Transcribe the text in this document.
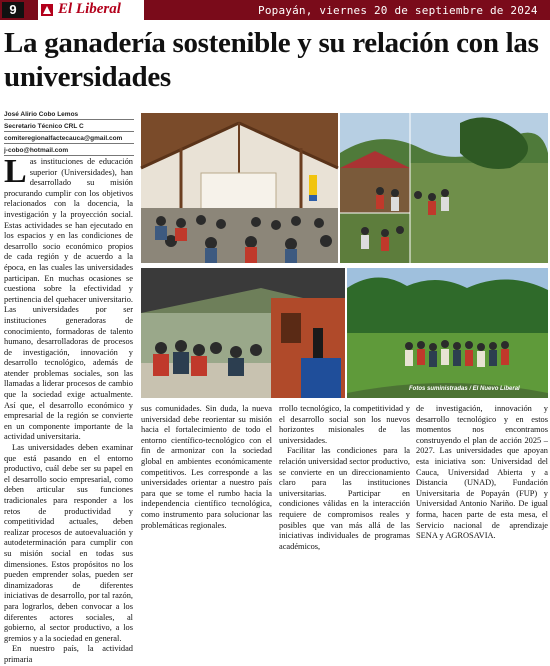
9	El Liberal	Popayán, viernes 20 de septiembre de 2024
La ganadería sostenible y su relación con las universidades
José Alirio Cobo Lemos
Secretario Técnico CRL C
comiteregionalfactecauca@gmail.com
j-cobo@hotmail.com

Las instituciones de educación superior (Universidades), han desarrollado su misión procurando cumplir con los objetivos relacionados con la docencia, la investigación y la proyección social. Estas actividades se han ejecutado en los espacios y en las condiciones de desarrollo socio económico propios de cada región y de acuerdo a la época, en las cuales las universidades participan. En muchas ocasiones se cuestiona sobre la efectividad y pertinencia del quehacer universitario. Las universidades por ser instituciones generadoras de conocimiento, formadoras de talento humano, desarrolladoras de procesos de investigación, innovación y desarrollo tecnológico, además de atender problemas sociales, son las llamadas a liderar procesos de cambio que la sociedad exige actualmente. Así que, el desarrollo económico y empresarial de la región se convierte en un componente importante de la actividad universitaria.

Las universidades deben examinar que está pasando en el entorno productivo, cuál debe ser su papel en el desarrollo socio empresarial, como deben articular sus funciones tradicionales para responder a los retos de productividad y competitividad actuales, deben realizar procesos de autoevaluación y autodeterminación para cumplir con su misión social en todas sus dimensiones. Estos propósitos no los pueden emprender solas, pueden ser dinamizadoras de diferentes iniciativas de desarrollo, por tal razón, para lograrlos, deben convocar a los diferentes actores sociales, al gobierno, al sector productivo, a los gremios y a la sociedad en general.

En nuestro país, la actividad primaria

sus comunidades. Sin duda, la nueva universidad debe reorientar su misión hacia el fortalecimiento de todo el entorno científico-tecnológico con el fin de armonizar con la sociedad global en ambientes económicamente competitivos. Les corresponde a las universidades orientar a nuestro país para que se tome el rumbo hacia la independencia científico tecnológica, como instrumento para solucionar las problemáticas regionales.

rrollo tecnológico, la competitividad y el desarrollo social son los nuevos horizontes misionales de las universidades.

Facilitar las condiciones para la relación universidad sector productivo, se convierte en un direccionamiento claro para las instituciones universitarias. Participar en condiciones válidas en la interacción requiere de compromisos reales y posibles que van más allá de las iniciativas individuales de programas académicos,

de investigación, innovación y desarrollo tecnológico y en estos momentos nos encontramos construyendo el plan de acción 2025 – 2027. Las universidades que apoyan esta iniciativa son: Universidad del Cauca, Universidad Abierta y a Distancia (UNAD), Fundación Universitaria de Popayán (FUP) y Universidad Antonio Nariño. De igual forma, hacen parte de esta mesa, el Servicio nacional de aprendizaje SENA y AGROSAVIA.

Fotos suministradas / El Nuevo Liberal
